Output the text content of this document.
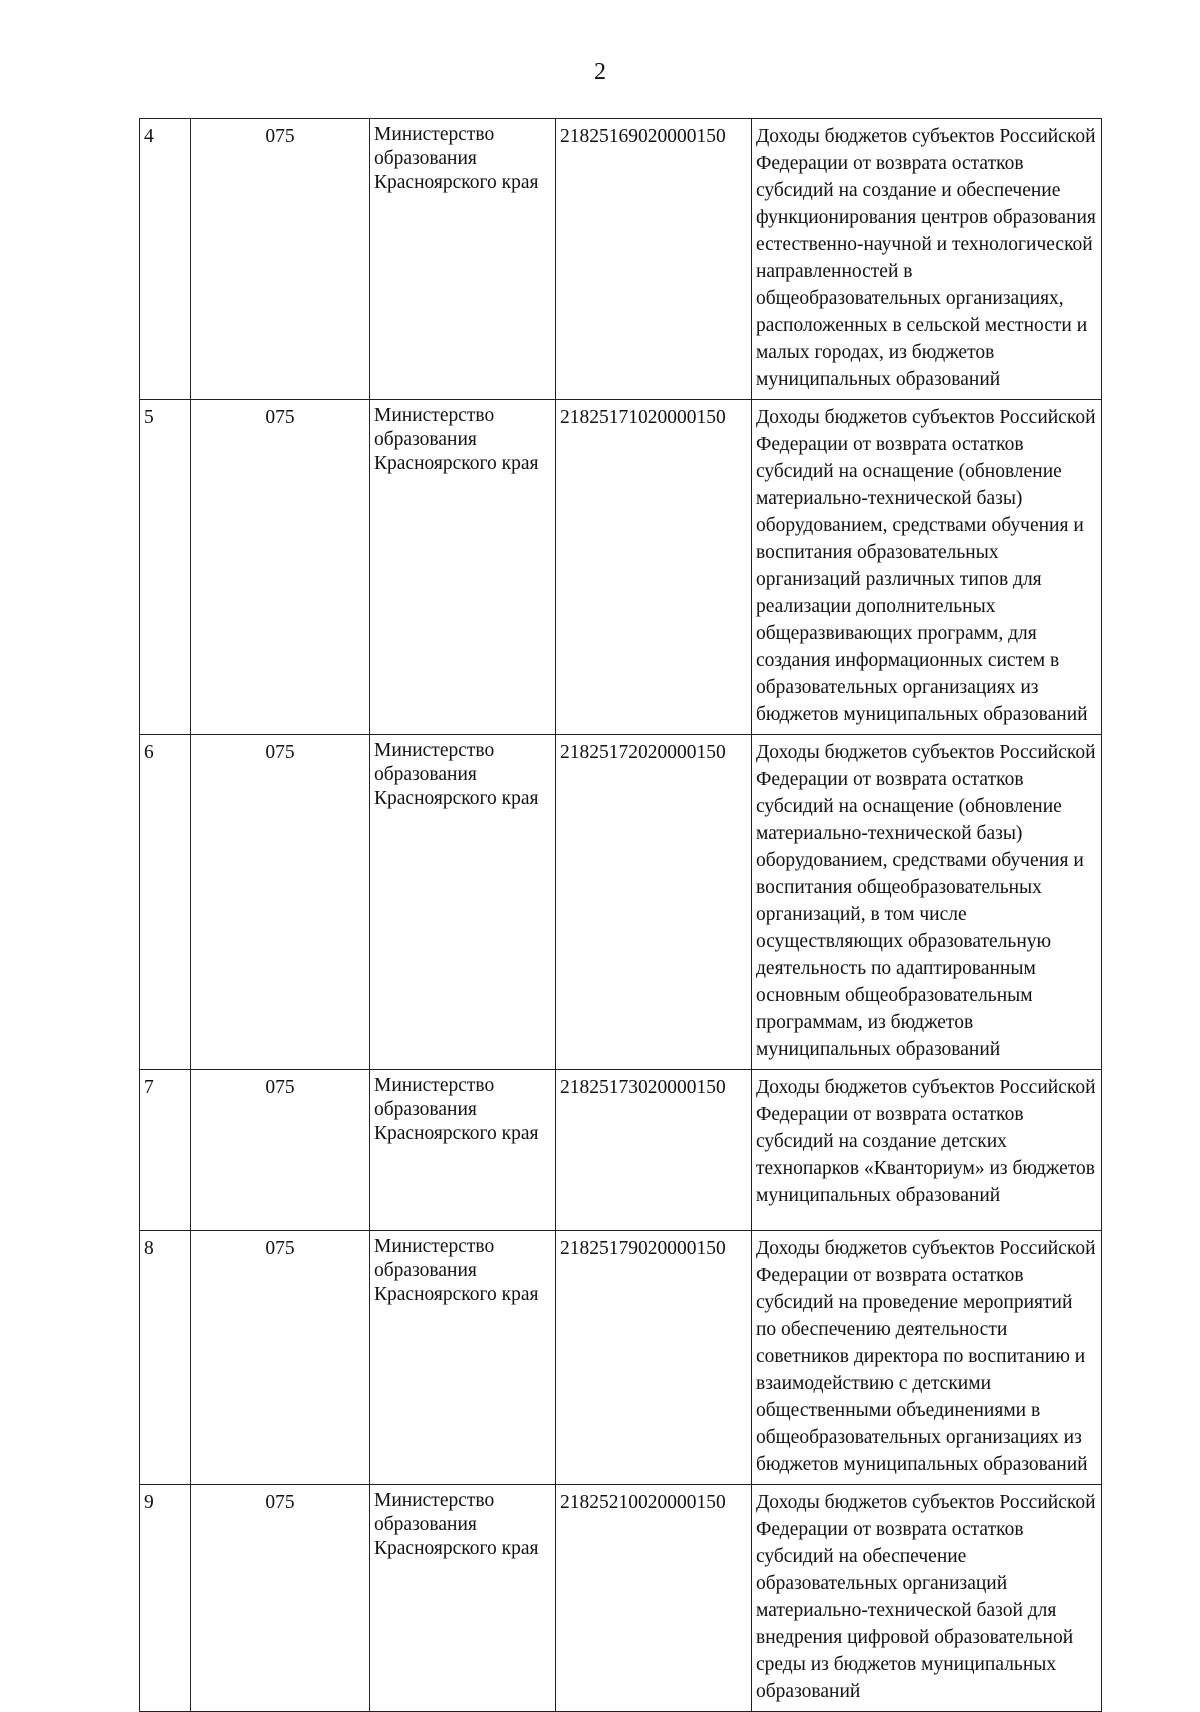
2
4	075	Министерство образования Красноярского края	21825169020000150	Доходы бюджетов субъектов Российской Федерации от возврата остатков субсидий на создание и обеспечение функционирования центров образования естественно-научной и технологической направленностей в общеобразовательных организациях, расположенных в сельской местности и малых городах, из бюджетов муниципальных образований
5	075	Министерство образования Красноярского края	21825171020000150	Доходы бюджетов субъектов Российской Федерации от возврата остатков субсидий на оснащение (обновление материально-технической базы) оборудованием, средствами обучения и воспитания образовательных организаций различных типов для реализации дополнительных общеразвивающих программ, для создания информационных систем в образовательных организациях из бюджетов муниципальных образований
6	075	Министерство образования Красноярского края	21825172020000150	Доходы бюджетов субъектов Российской Федерации от возврата остатков субсидий на оснащение (обновление материально-технической базы) оборудованием, средствами обучения и воспитания общеобразовательных организаций, в том числе осуществляющих образовательную деятельность по адаптированным основным общеобразовательным программам, из бюджетов муниципальных образований
7	075	Министерство образования Красноярского края	21825173020000150	Доходы бюджетов субъектов Российской Федерации от возврата остатков субсидий на создание детских технопарков «Кванториум» из бюджетов муниципальных образований
8	075	Министерство образования Красноярского края	21825179020000150	Доходы бюджетов субъектов Российской Федерации от возврата остатков субсидий на проведение мероприятий по обеспечению деятельности советников директора по воспитанию и взаимодействию с детскими общественными объединениями в общеобразовательных организациях из бюджетов муниципальных образований
9	075	Министерство образования Красноярского края	21825210020000150	Доходы бюджетов субъектов Российской Федерации от возврата остатков субсидий на обеспечение образовательных организаций материально-технической базой для внедрения цифровой образовательной среды из бюджетов муниципальных образований
